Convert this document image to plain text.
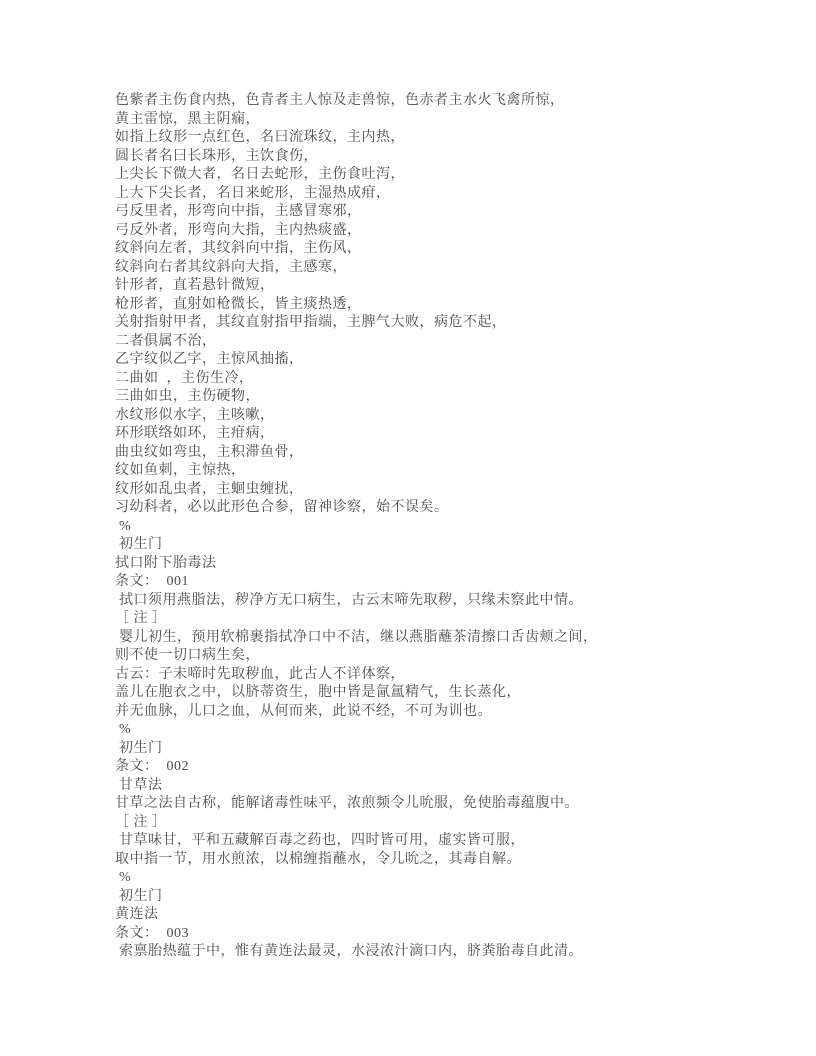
色紫者主伤食内热，色青者主人惊及走兽惊，色赤者主水火飞禽所惊，
黄主雷惊，黑主阴痫，
如指上纹形一点红色，名曰流珠纹，主内热，
圆长者名曰长珠形，主饮食伤，
上尖长下微大者，名日去蛇形，主伤食吐泻，
上大下尖长者，名日来蛇形，主湿热成疳，
弓反里者，形弯向中指，主感冒寒邪，
弓反外者，形弯向大指，主内热痰盛，
纹斜向左者，其纹斜向中指，主伤风，
纹斜向右者其纹斜向大指，主感寒，
针形者，直若悬针微短，
枪形者，直射如枪微长，皆主痰热透，
关射指射甲者，其纹直射指甲指端，主脾气大败，病危不起，
二者俱属不治，
乙字纹似乙字，主惊风抽搐，
二曲如  ，主伤生冷，
三曲如虫，主伤硬物，
水纹形似水字，主咳嗽，
环形联络如环，主疳病，
曲虫纹如弯虫，主积滞鱼骨，
纹如鱼刺，主惊热，
纹形如乱虫者，主蛔虫缠扰，
习幼科者，必以此形色合参，留神诊察，始不误矣。
%
初生门
拭口附下胎毒法
条文：  001
拭口须用燕脂法，秽净方无口病生，古云末啼先取秽，只缘未察此中情。
［ 注 ］
婴儿初生，预用软棉裹指拭净口中不洁，继以燕脂蘸茶清擦口舌齿颊之间，
则不使一切口病生矣，
古云：子未啼时先取秽血，此古人不详体察，
盖儿在胞衣之中，以脐蒂资生，胞中皆是氤氲精气，生长蒸化，
并无血脉，儿口之血，从何而来，此说不经，不可为训也。
%
初生门
条文：  002
甘草法
甘草之法自古称，能解诸毒性味平，浓煎频令儿吮服，免使胎毒蕴腹中。
［ 注 ］
甘草味甘，平和五藏解百毒之药也，四时皆可用，虚实皆可服，
取中指一节，用水煎浓，以棉缠指蘸水，令儿吮之，其毒自解。
%
初生门
黄连法
条文：  003
索禀胎热蕴于中，惟有黄连法最灵，水浸浓汁滴口内，脐粪胎毒自此清。
